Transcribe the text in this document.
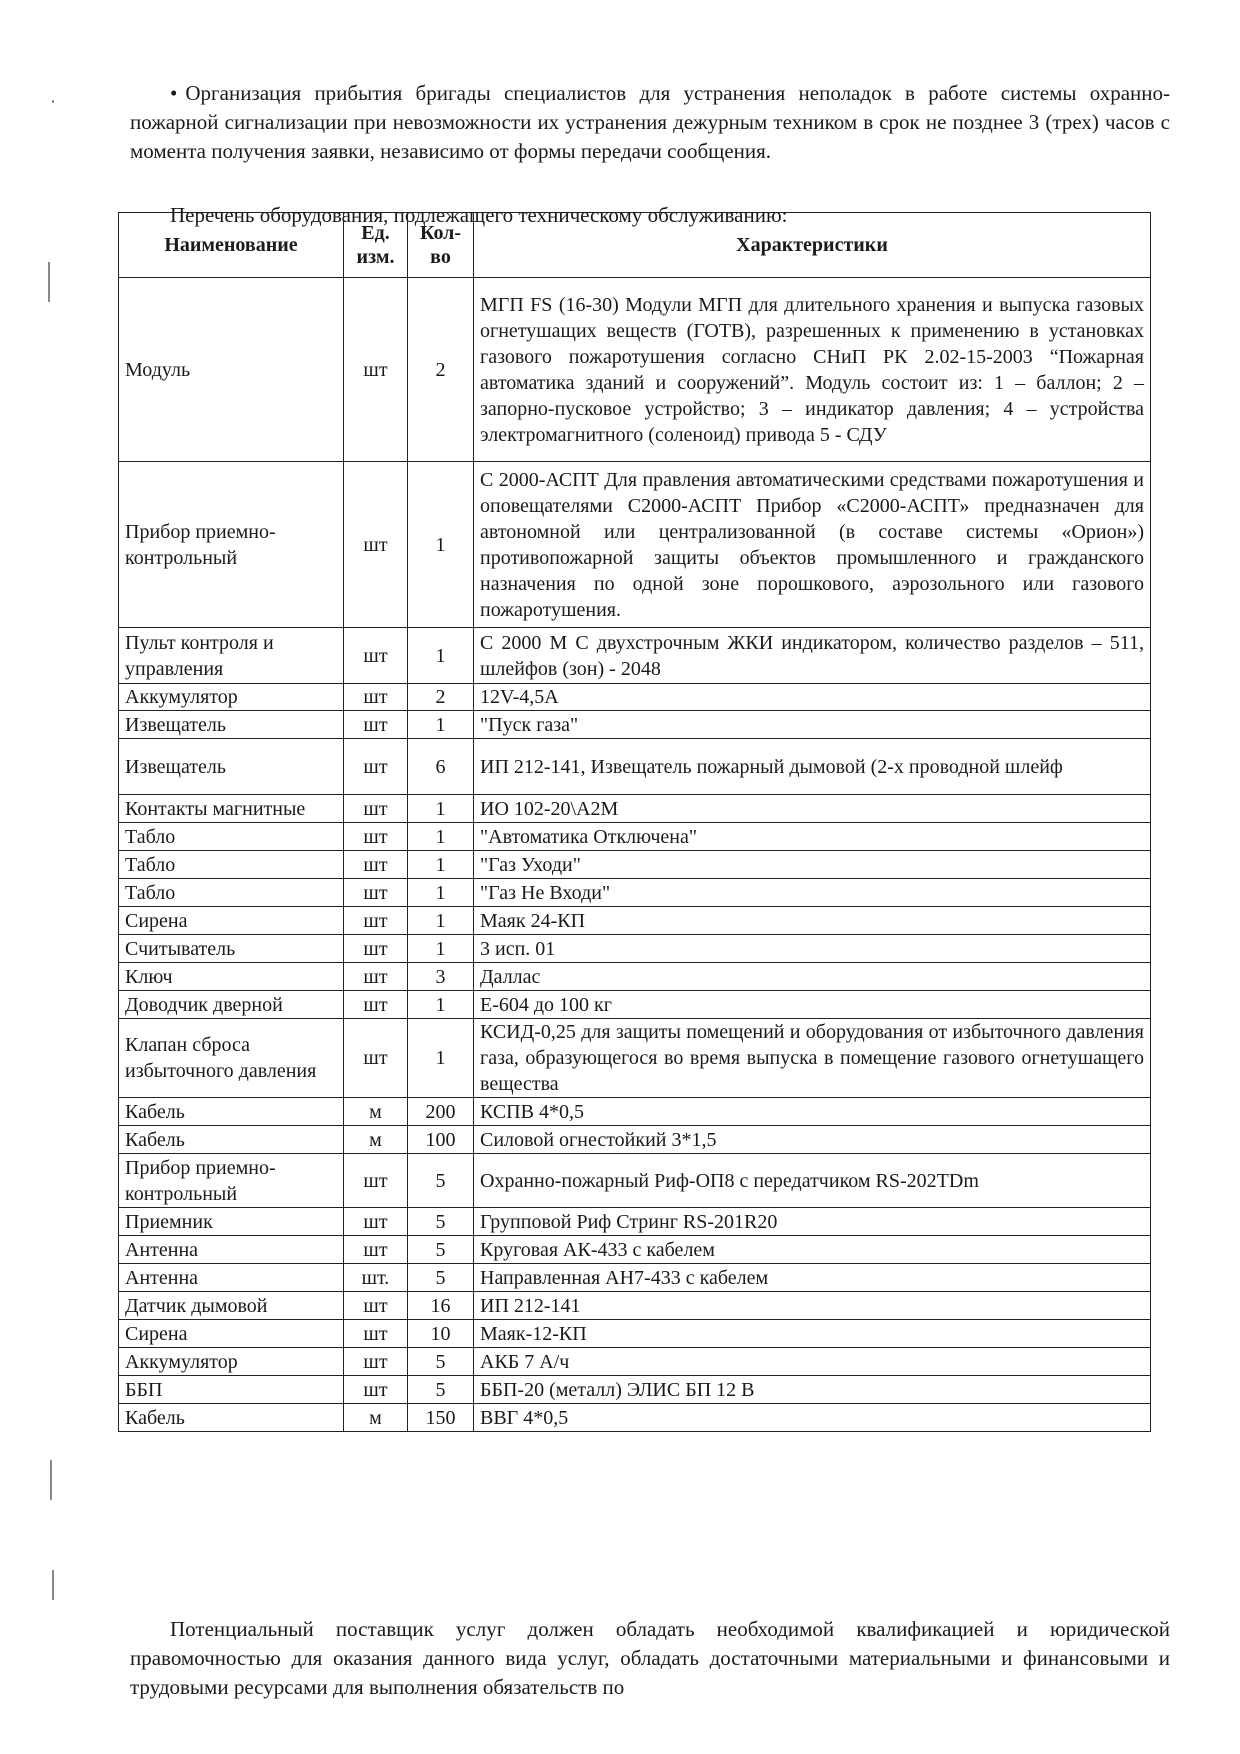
• Организация прибытия бригады специалистов для устранения неполадок в работе системы охранно-пожарной сигнализации при невозможности их устранения дежурным техником в срок не позднее 3 (трех) часов с момента получения заявки, независимо от формы передачи сообщения.

Перечень оборудования, подлежащего техническому обслуживанию:

Наименование	Ед. изм.	Кол-во	Характеристики
Модуль	шт	2	МГП FS (16-30) Модули МГП для длительного хранения и выпуска газовых огнетушащих веществ (ГОТВ), разрешенных к применению в установках газового пожаротушения согласно СНиП РК 2.02-15-2003 “Пожарная автоматика зданий и сооружений”. Модуль состоит из: 1 – баллон; 2 – запорно-пусковое устройство; 3 – индикатор давления; 4 – устройства электромагнитного (соленоид) привода 5 - СДУ
Прибор приемно-контрольный	шт	1	С 2000-АСПТ Для правления автоматическими средствами пожаротушения и оповещателями С2000-АСПТ Прибор «С2000-АСПТ» предназначен для автономной или централизованной (в составе системы «Орион») противопожарной защиты объектов промышленного и гражданского назначения по одной зоне порошкового, аэрозольного или газового пожаротушения.
Пульт контроля и управления	шт	1	С 2000 М С двухстрочным ЖКИ индикатором, количество разделов – 511, шлейфов (зон) - 2048
Аккумулятор	шт	2	12V-4,5A
Извещатель	шт	1	"Пуск газа"
Извещатель	шт	6	ИП 212-141, Извещатель пожарный дымовой (2-х проводной шлейф
Контакты магнитные	шт	1	ИО 102-20\А2М
Табло	шт	1	"Автоматика Отключена"
Табло	шт	1	"Газ Уходи"
Табло	шт	1	"Газ Не Входи"
Сирена	шт	1	Маяк 24-КП
Считыватель	шт	1	3 исп. 01
Ключ	шт	3	Даллас
Доводчик дверной	шт	1	Е-604 до 100 кг
Клапан сброса избыточного давления	шт	1	КСИД-0,25 для защиты помещений и оборудования от избыточного давления газа, образующегося во время выпуска в помещение газового огнетушащего вещества
Кабель	м	200	КСПВ 4*0,5
Кабель	м	100	Силовой огнестойкий 3*1,5
Прибор приемно-контрольный	шт	5	Охранно-пожарный Риф-ОП8 с передатчиком RS-202TDm
Приемник	шт	5	Групповой Риф Стринг RS-201R20
Антенна	шт	5	Круговая АК-433 с кабелем
Антенна	шт.	5	Направленная АН7-433 с кабелем
Датчик дымовой	шт	16	ИП 212-141
Сирена	шт	10	Маяк-12-КП
Аккумулятор	шт	5	АКБ 7 А/ч
ББП	шт	5	ББП-20 (металл) ЭЛИС БП 12 В
Кабель	м	150	ВВГ 4*0,5

Потенциальный поставщик услуг должен обладать необходимой квалификацией и юридической правомочностью для оказания данного вида услуг, обладать достаточными материальными и финансовыми и трудовыми ресурсами для выполнения обязательств по
